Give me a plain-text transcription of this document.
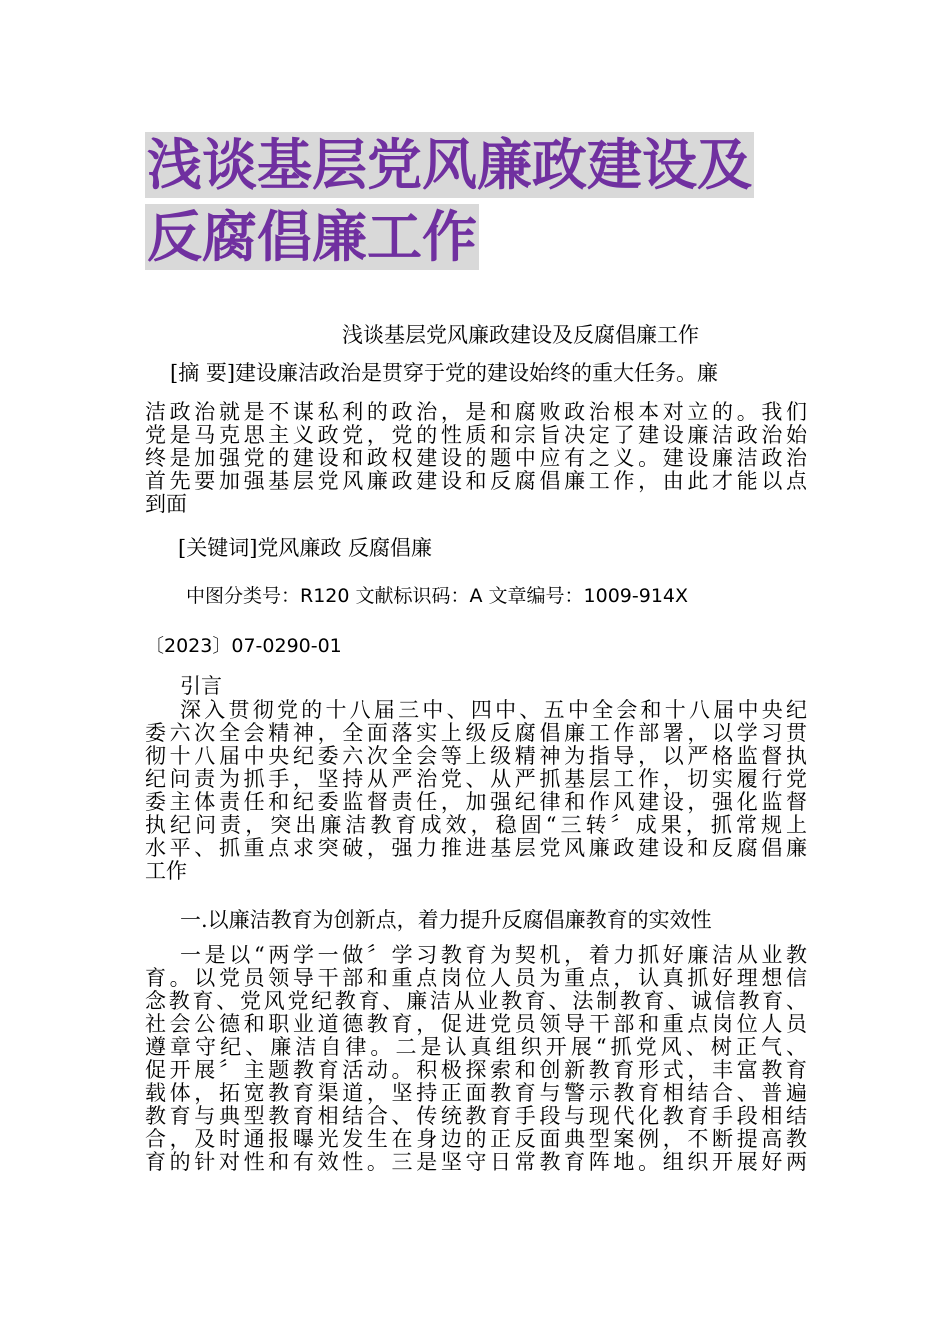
浅谈基层党风廉政建设及
反腐倡廉工作
浅谈基层党风廉政建设及反腐倡廉工作
[摘 要]建设廉洁政治是贯穿于党的建设始终的重大任务。廉
洁政治就是不谋私利的政治，是和腐败政治根本对立的。我们
党是马克思主义政党，党的性质和宗旨决定了建设廉洁政治始
终是加强党的建设和政权建设的题中应有之义。建设廉洁政治
首先要加强基层党风廉政建设和反腐倡廉工作，由此才能以点
到面
[关键词]党风廉政 反腐倡廉
中图分类号：R120 文献标识码：A 文章编号：1009-914X
〔2023〕07-0290-01
引言
深入贯彻党的十八届三中、四中、五中全会和十八届中央纪
委六次全会精神，全面落实上级反腐倡廉工作部署，以学习贯
彻十八届中央纪委六次全会等上级精神为指导，以严格监督执
纪问责为抓手，坚持从严治党、从严抓基层工作，切实履行党
委主体责任和纪委监督责任，加强纪律和作风建设，强化监督
执纪问责，突出廉洁教育成效，稳固“三转〞成果，抓常规上
水平、抓重点求突破，强力推进基层党风廉政建设和反腐倡廉
工作
一.以廉洁教育为创新点，着力提升反腐倡廉教育的实效性
一是以“两学一做〞学习教育为契机，着力抓好廉洁从业教
育。以党员领导干部和重点岗位人员为重点，认真抓好理想信
念教育、党风党纪教育、廉洁从业教育、法制教育、诚信教育、
社会公德和职业道德教育，促进党员领导干部和重点岗位人员
遵章守纪、廉洁自律。二是认真组织开展“抓党风、树正气、
促开展〞主题教育活动。积极探索和创新教育形式，丰富教育
载体，拓宽教育渠道，坚持正面教育与警示教育相结合、普遍
教育与典型教育相结合、传统教育手段与现代化教育手段相结
合，及时通报曝光发生在身边的正反面典型案例，不断提高教
育的针对性和有效性。三是坚守日常教育阵地。组织开展好两
